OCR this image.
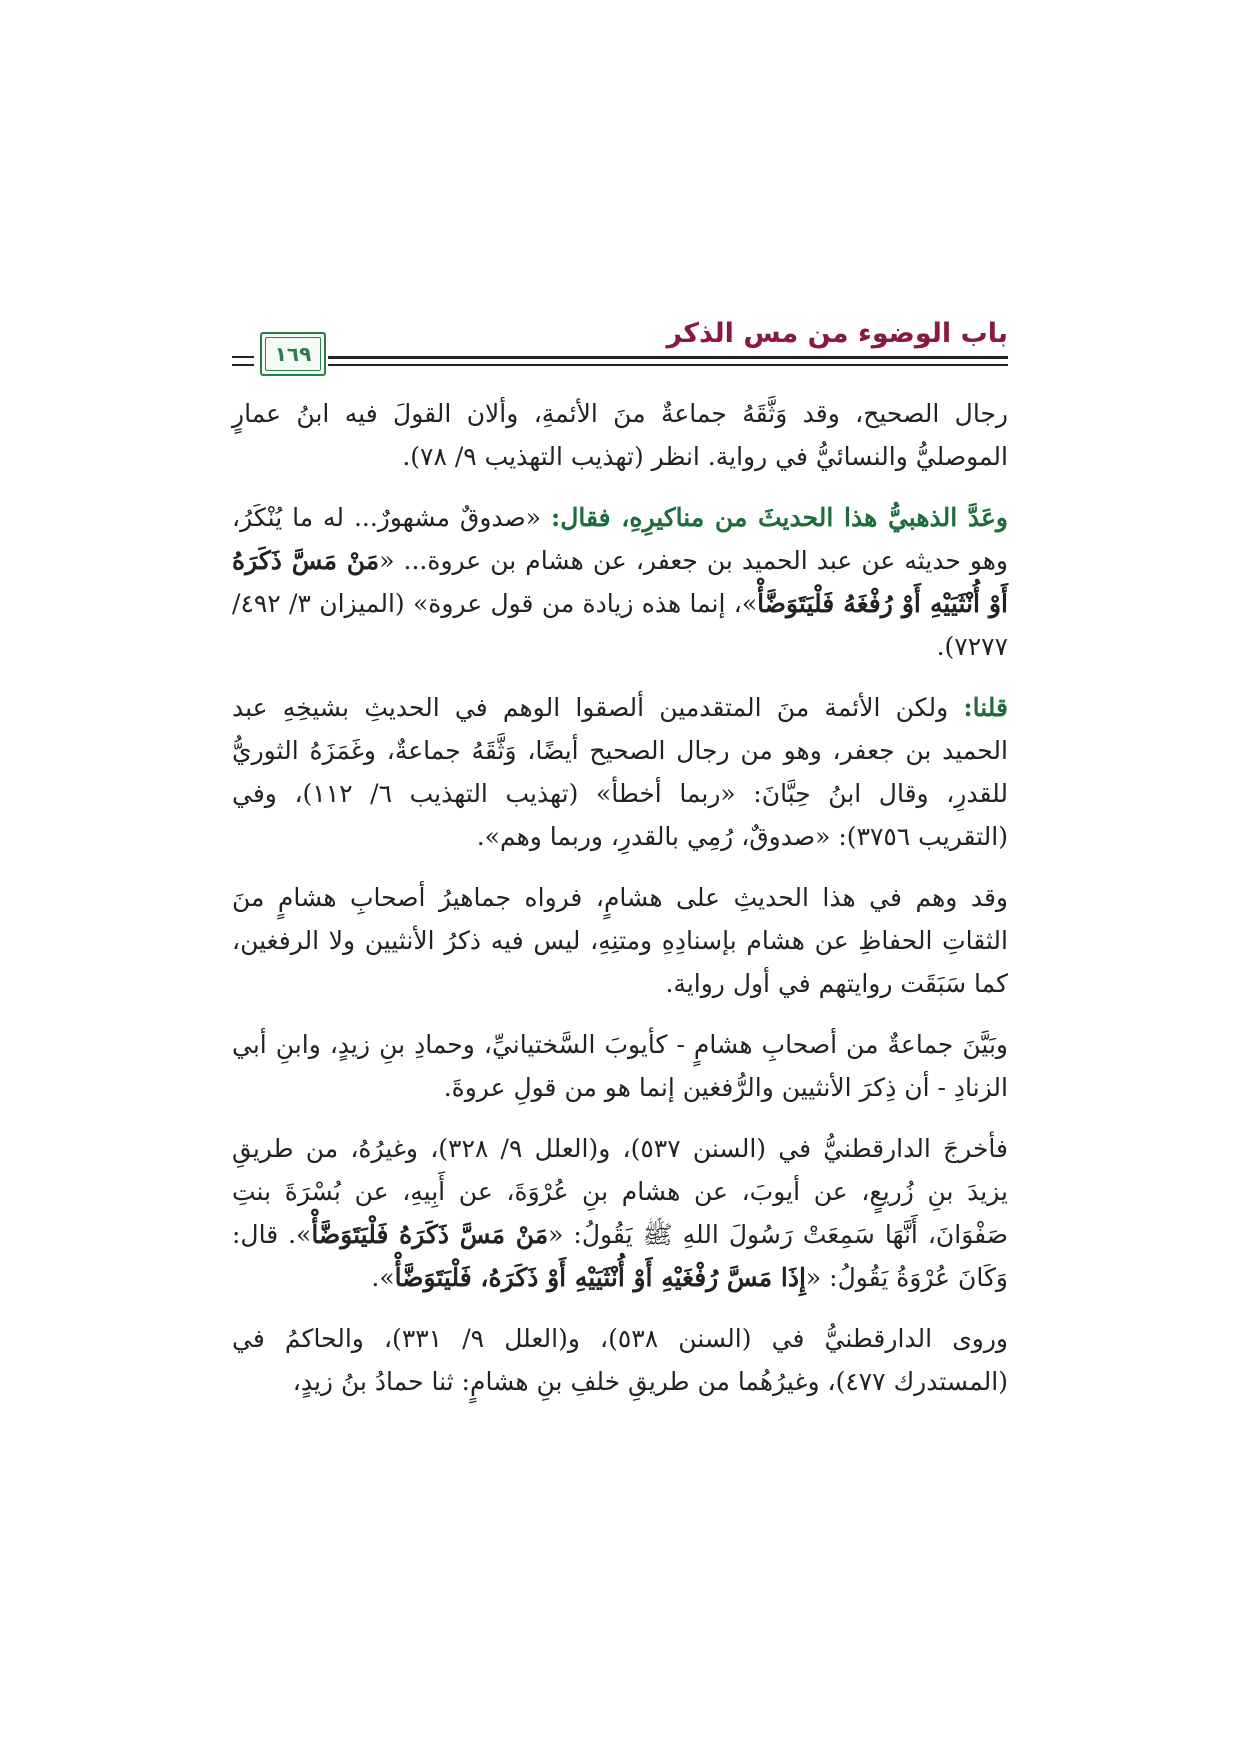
باب الوضوء من مس الذكر
١٦٩

رجال الصحيح، وقد وَثَّقَهُ جماعةٌ منَ الأئمةِ، وألان القولَ فيه ابنُ عمارٍ الموصليُّ والنسائيُّ في رواية. انظر (تهذيب التهذيب ٩/ ٧٨).

وعَدَّ الذهبيُّ هذا الحديثَ من مناكيرِهِ، فقال: «صدوقٌ مشهورٌ... له ما يُنْكَرُ، وهو حديثه عن عبد الحميد بن جعفر، عن هشام بن عروة... «مَنْ مَسَّ ذَكَرَهُ أَوْ أُنْثَيَيْهِ أَوْ رُفْغَهُ فَلْيَتَوَضَّأْ»، إنما هذه زيادة من قول عروة» (الميزان ٣/ ٤٩٢/ ٧٢٧٧).

قلنا: ولكن الأئمة منَ المتقدمين ألصقوا الوهم في الحديثِ بشيخِهِ عبد الحميد بن جعفر، وهو من رجال الصحيح أيضًا، وَثَّقَهُ جماعةٌ، وغَمَزَهُ الثوريُّ للقدرِ، وقال ابنُ حِبَّانَ: «ربما أخطأ» (تهذيب التهذيب ٦/ ١١٢)، وفي (التقريب ٣٧٥٦): «صدوقٌ، رُمِي بالقدرِ، وربما وهم».

وقد وهم في هذا الحديثِ على هشامٍ، فرواه جماهيرُ أصحابِ هشامٍ منَ الثقاتِ الحفاظِ عن هشام بإسنادِهِ ومتنِهِ، ليس فيه ذكرُ الأنثيين ولا الرفغين، كما سَبَقَت روايتهم في أول رواية.

وبَيَّنَ جماعةٌ من أصحابِ هشامٍ - كأيوبَ السَّختيانيِّ، وحمادِ بنِ زيدٍ، وابنِ أبي الزنادِ - أن ذِكرَ الأنثيين والرُّفغين إنما هو من قولِ عروةَ.

فأخرجَ الدارقطنيُّ في (السنن ٥٣٧)، و(العلل ٩/ ٣٢٨)، وغيرُهُ، من طريقِ يزيدَ بنِ زُريعٍ، عن أيوبَ، عن هشام بنِ عُرْوَةَ، عن أَبِيهِ، عن بُسْرَةَ بنتِ صَفْوَانَ، أَنَّهَا سَمِعَتْ رَسُولَ اللهِ ﷺ يَقُولُ: «مَنْ مَسَّ ذَكَرَهُ فَلْيَتَوَضَّأْ». قال: وَكَانَ عُرْوَةُ يَقُولُ: «إِذَا مَسَّ رُفْغَيْهِ أَوْ أُنْثَيَيْهِ أَوْ ذَكَرَهُ، فَلْيَتَوَضَّأْ».

وروى الدارقطنيُّ في (السنن ٥٣٨)، و(العلل ٩/ ٣٣١)، والحاكمُ في (المستدرك ٤٧٧)، وغيرُهُما من طريقِ خلفِ بنِ هشامٍ: ثنا حمادُ بنُ زيدٍ،
